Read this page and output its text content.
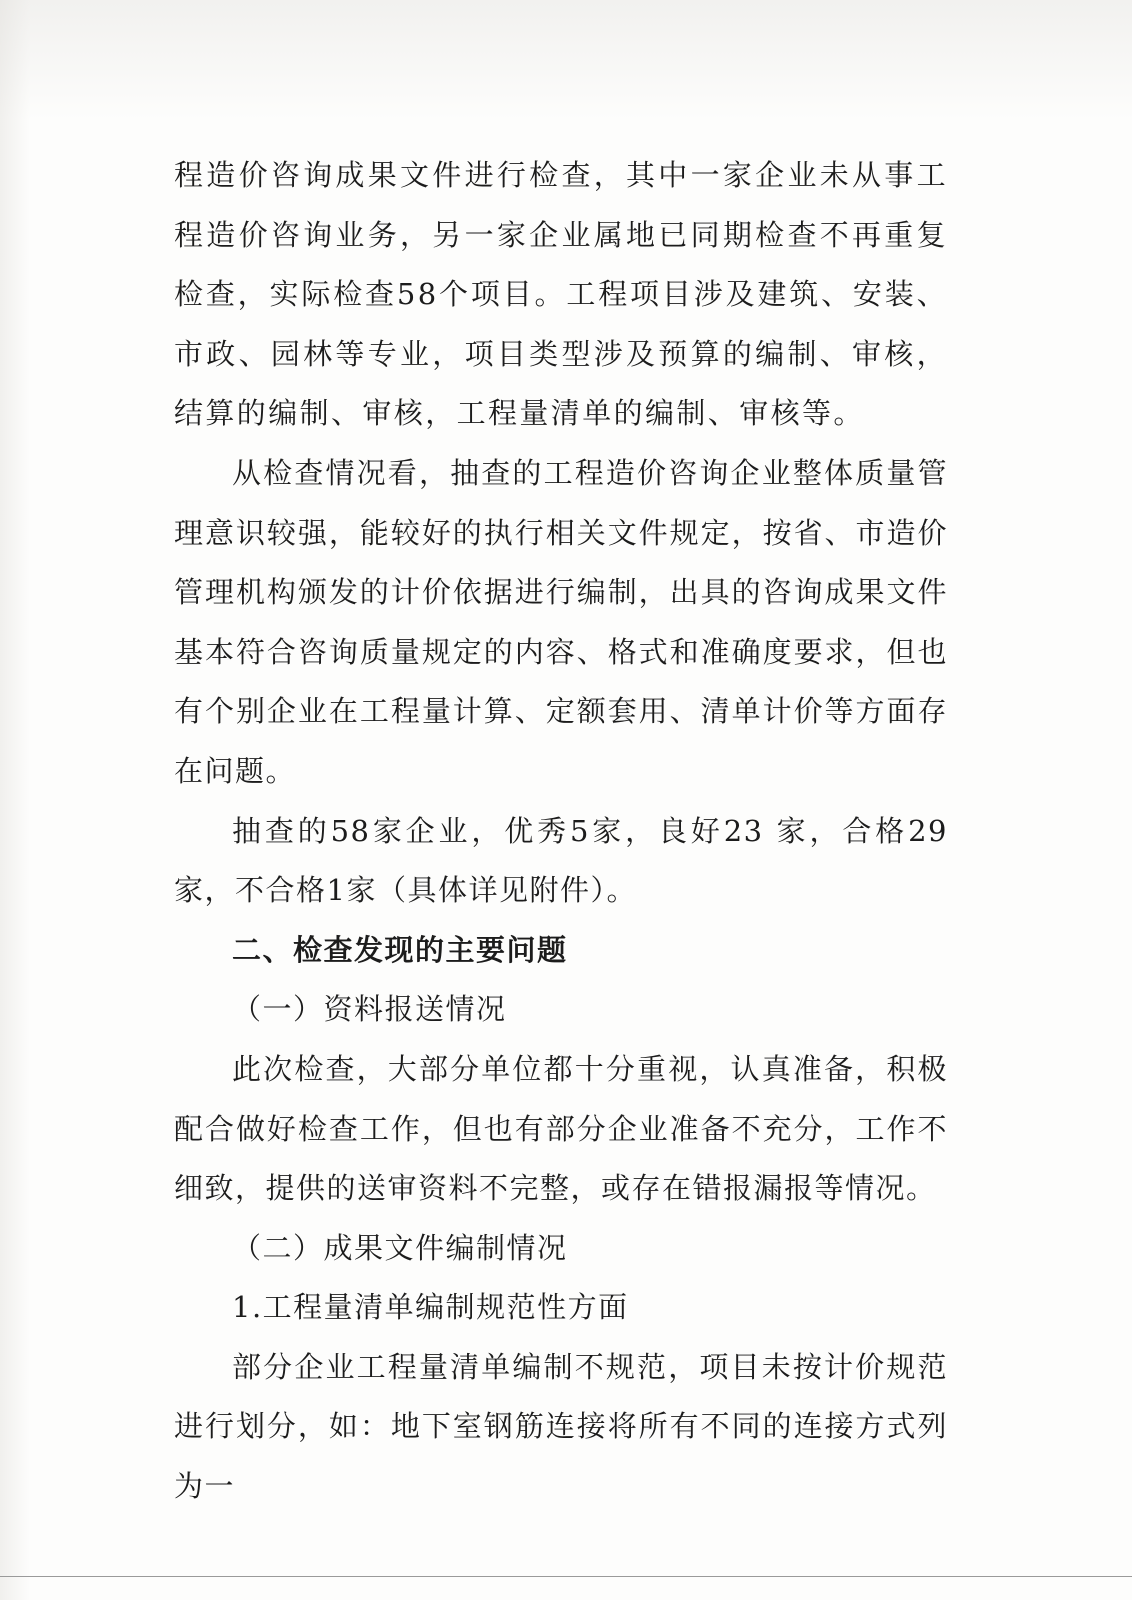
程造价咨询成果文件进行检查，其中一家企业未从事工程造价咨询业务，另一家企业属地已同期检查不再重复检查，实际检查58个项目。工程项目涉及建筑、安装、市政、园林等专业，项目类型涉及预算的编制、审核，结算的编制、审核，工程量清单的编制、审核等。

从检查情况看，抽查的工程造价咨询企业整体质量管理意识较强，能较好的执行相关文件规定，按省、市造价管理机构颁发的计价依据进行编制，出具的咨询成果文件基本符合咨询质量规定的内容、格式和准确度要求，但也有个别企业在工程量计算、定额套用、清单计价等方面存在问题。

抽查的58家企业，优秀5家，良好23 家，合格29家，不合格1家（具体详见附件）。

二、检查发现的主要问题

（一）资料报送情况

此次检查，大部分单位都十分重视，认真准备，积极配合做好检查工作，但也有部分企业准备不充分，工作不细致，提供的送审资料不完整，或存在错报漏报等情况。

（二）成果文件编制情况

1.工程量清单编制规范性方面

部分企业工程量清单编制不规范，项目未按计价规范进行划分，如：地下室钢筋连接将所有不同的连接方式列为一
